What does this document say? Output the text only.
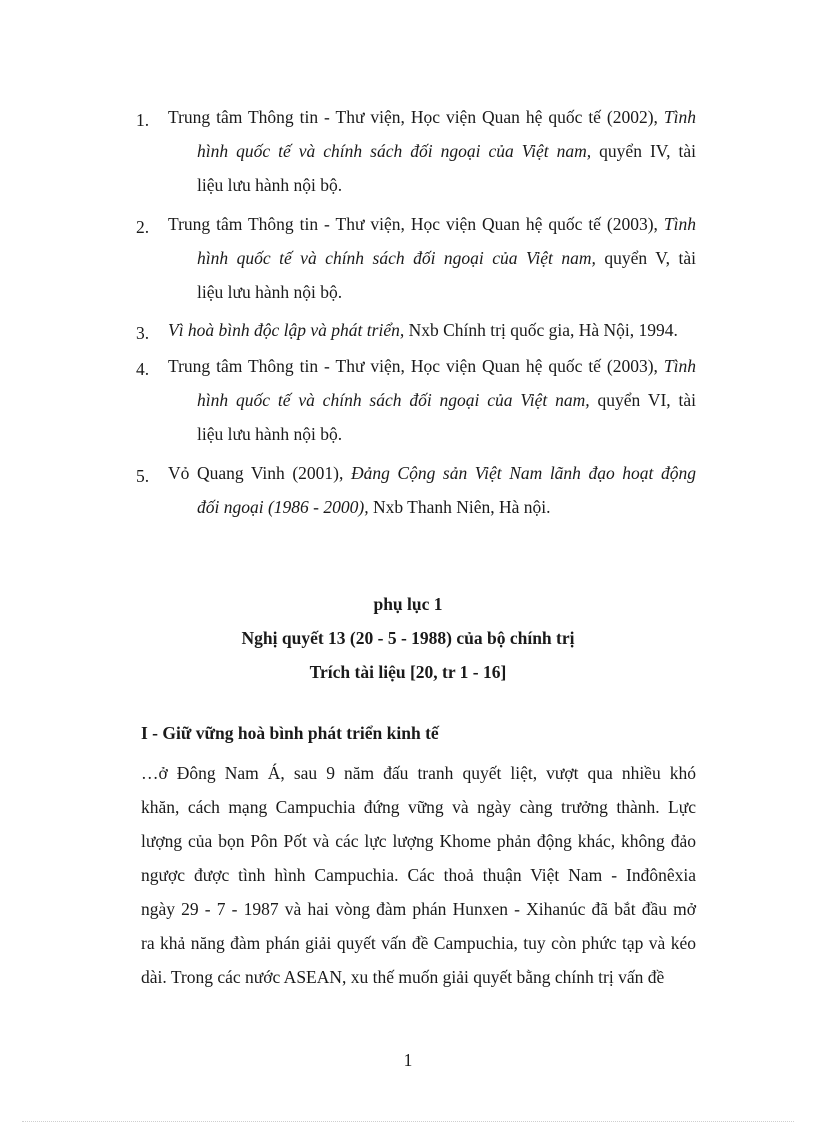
1.	Trung tâm Thông tin - Thư viện, Học viện Quan hệ quốc tế (2002), Tình
hình quốc tế và chính sách đối ngoại của Việt nam, quyển IV, tài
liệu lưu hành nội bộ.
2.	Trung tâm Thông tin - Thư viện, Học viện Quan hệ quốc tế (2003), Tình
hình quốc tế và chính sách đối ngoại của Việt nam, quyển V, tài
liệu lưu hành nội bộ.
3.	Vì hoà bình độc lập và phát triển, Nxb Chính trị quốc gia, Hà Nội, 1994.
4.	Trung tâm Thông tin - Thư viện, Học viện Quan hệ quốc tế (2003), Tình
hình quốc tế và chính sách đối ngoại của Việt nam, quyển VI, tài
liệu lưu hành nội bộ.
5.	Vỏ Quang Vinh (2001), Đảng Cộng sản Việt Nam lãnh đạo hoạt động
đối ngoại (1986 - 2000), Nxb Thanh Niên, Hà nội.
phụ lục 1
Nghị quyết 13 (20 - 5 - 1988) của bộ chính trị
Trích tài liệu [20, tr 1 - 16]
I - Giữ vững hoà bình phát triển kinh tế
…ở Đông Nam Á, sau 9 năm đấu tranh quyết liệt, vượt qua nhiều khó
khăn, cách mạng Campuchia đứng vững và ngày càng trưởng thành. Lực
lượng của bọn Pôn Pốt và các lực lượng Khome phản động khác, không đảo
ngược được tình hình Campuchia. Các thoả thuận Việt Nam - Inđônêxia
ngày 29 - 7 - 1987 và hai vòng đàm phán Hunxen - Xihanúc đã bắt đầu mở
ra khả năng đàm phán giải quyết vấn đề Campuchia, tuy còn phức tạp và kéo
dài. Trong các nước ASEAN, xu thế muốn giải quyết bằng chính trị vấn đề
1
